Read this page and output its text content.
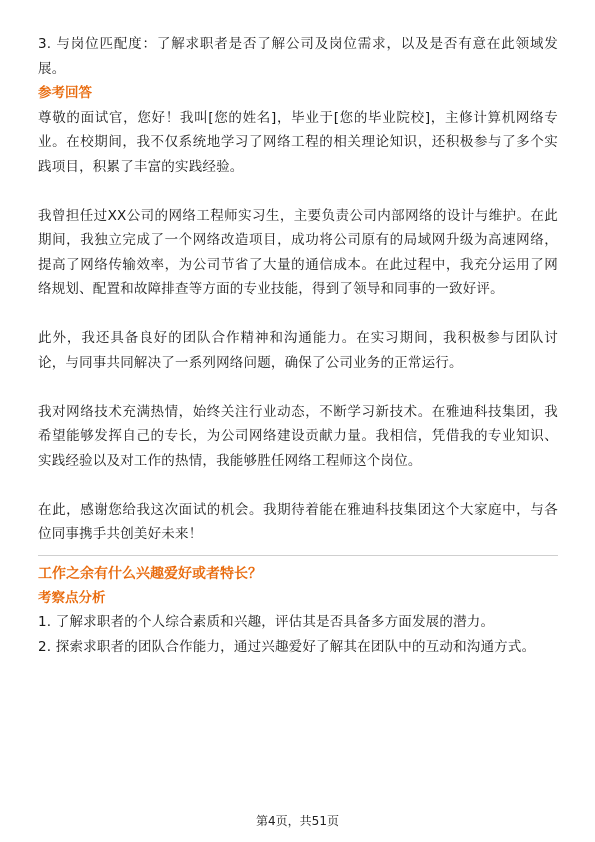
3. 与岗位匹配度：了解求职者是否了解公司及岗位需求，以及是否有意在此领域发展。

参考回答

尊敬的面试官，您好！我叫[您的姓名]，毕业于[您的毕业院校]，主修计算机网络专业。在校期间，我不仅系统地学习了网络工程的相关理论知识，还积极参与了多个实践项目，积累了丰富的实践经验。

我曾担任过XX公司的网络工程师实习生，主要负责公司内部网络的设计与维护。在此期间，我独立完成了一个网络改造项目，成功将公司原有的局域网升级为高速网络，提高了网络传输效率，为公司节省了大量的通信成本。在此过程中，我充分运用了网络规划、配置和故障排查等方面的专业技能，得到了领导和同事的一致好评。

此外，我还具备良好的团队合作精神和沟通能力。在实习期间，我积极参与团队讨论，与同事共同解决了一系列网络问题，确保了公司业务的正常运行。

我对网络技术充满热情，始终关注行业动态，不断学习新技术。在雅迪科技集团，我希望能够发挥自己的专长，为公司网络建设贡献力量。我相信，凭借我的专业知识、实践经验以及对工作的热情，我能够胜任网络工程师这个岗位。

在此，感谢您给我这次面试的机会。我期待着能在雅迪科技集团这个大家庭中，与各位同事携手共创美好未来！

工作之余有什么兴趣爱好或者特长？

考察点分析

1. 了解求职者的个人综合素质和兴趣，评估其是否具备多方面发展的潜力。

2. 探索求职者的团队合作能力，通过兴趣爱好了解其在团队中的互动和沟通方式。

第4页，共51页
